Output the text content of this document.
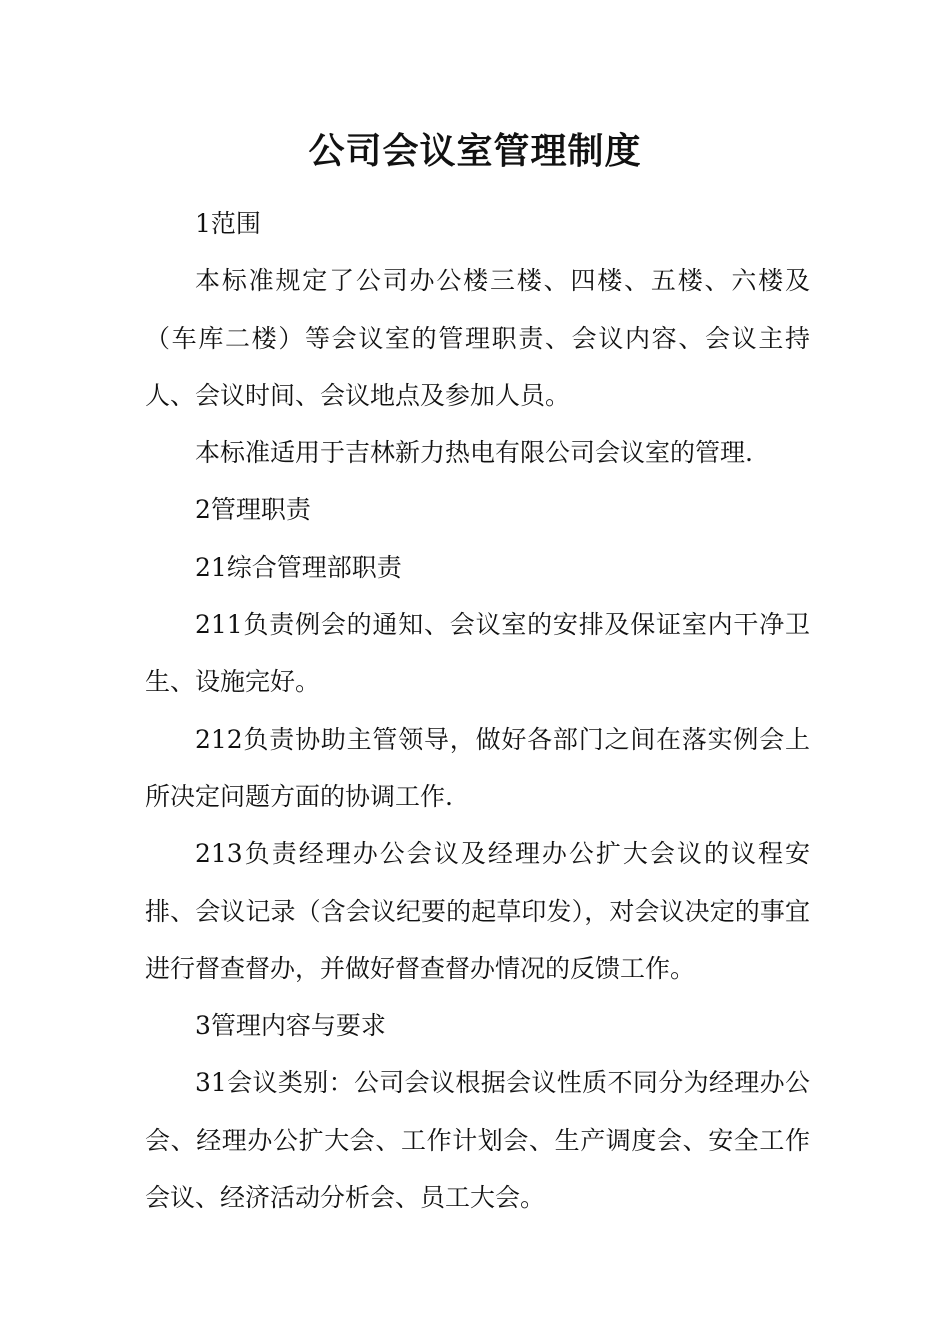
公司会议室管理制度

1范围

本标准规定了公司办公楼三楼、四楼、五楼、六楼及（车库二楼）等会议室的管理职责、会议内容、会议主持人、会议时间、会议地点及参加人员。

本标准适用于吉林新力热电有限公司会议室的管理.

2管理职责

21综合管理部职责

211负责例会的通知、会议室的安排及保证室内干净卫生、设施完好。

212负责协助主管领导，做好各部门之间在落实例会上所决定问题方面的协调工作.

213负责经理办公会议及经理办公扩大会议的议程安排、会议记录（含会议纪要的起草印发），对会议决定的事宜进行督查督办，并做好督查督办情况的反馈工作。

3管理内容与要求

31会议类别：公司会议根据会议性质不同分为经理办公会、经理办公扩大会、工作计划会、生产调度会、安全工作会议、经济活动分析会、员工大会。
